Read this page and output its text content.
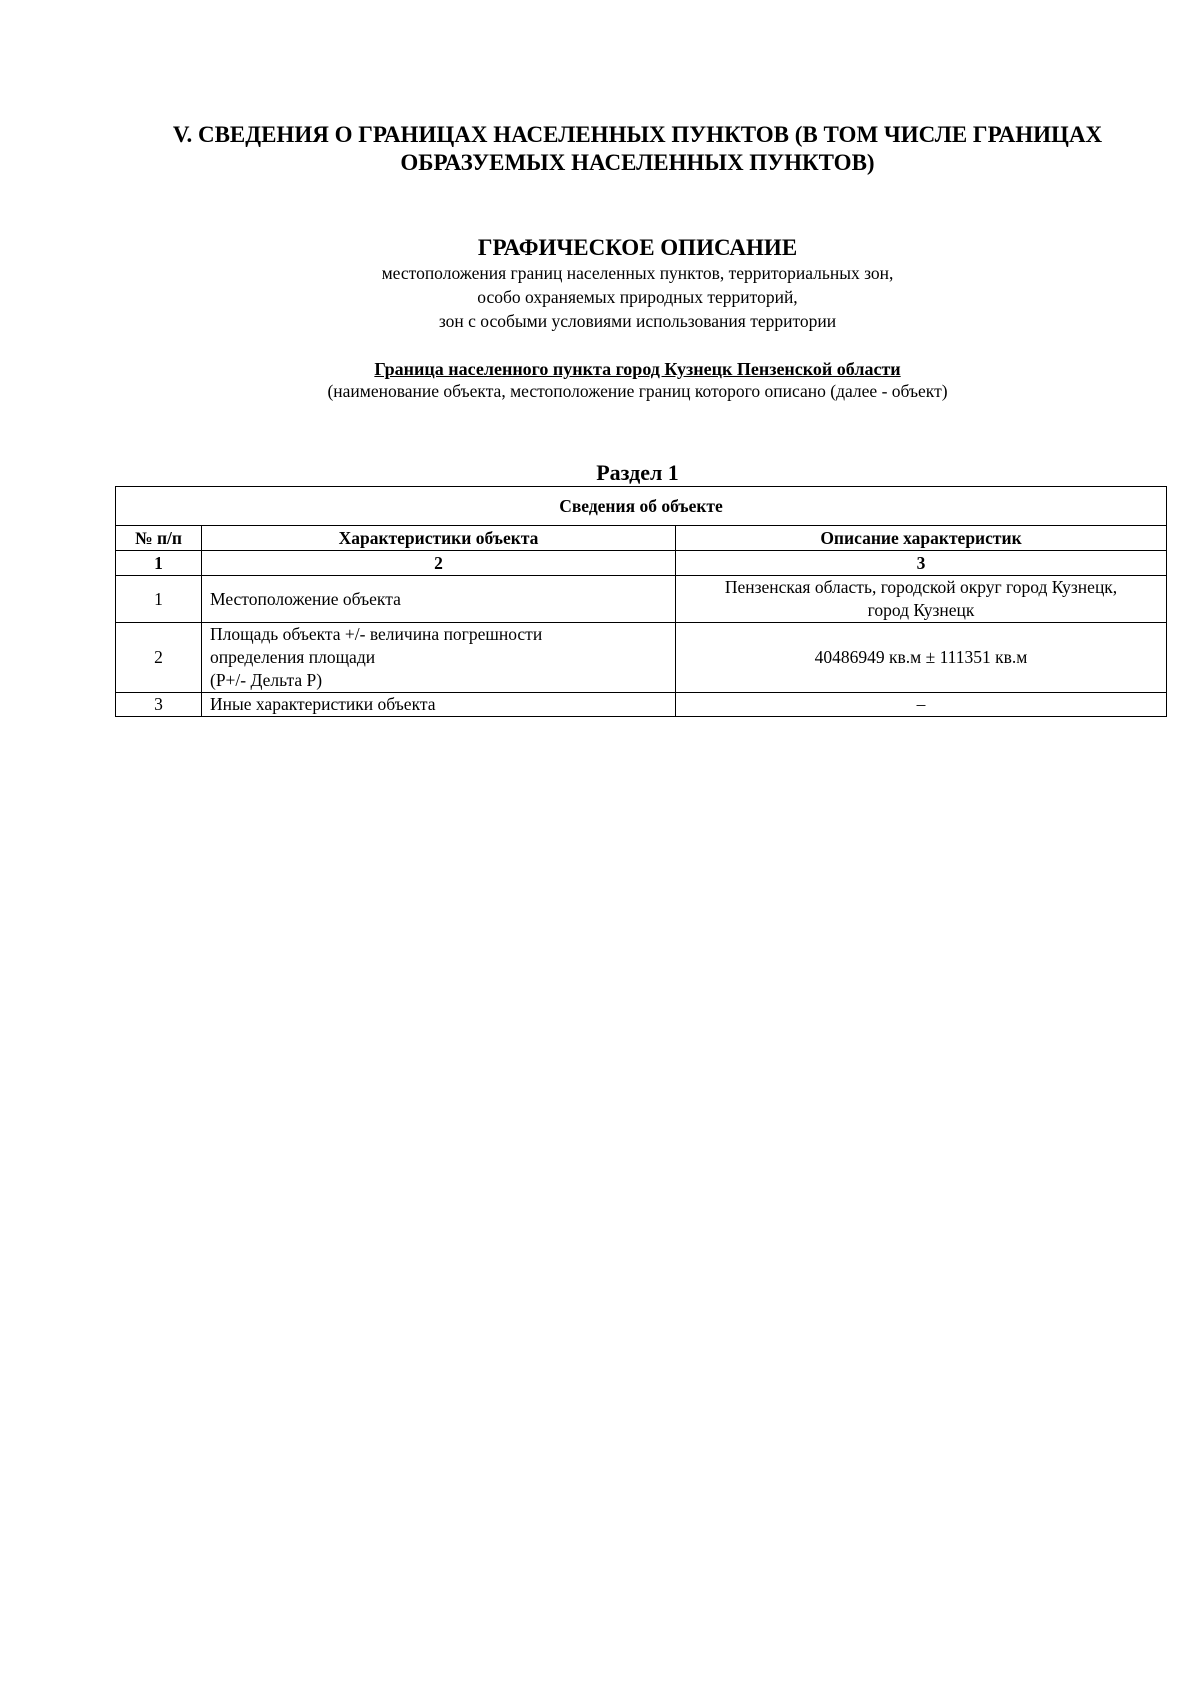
V. СВЕДЕНИЯ О ГРАНИЦАХ НАСЕЛЕННЫХ ПУНКТОВ (В ТОМ ЧИСЛЕ ГРАНИЦАХ
ОБРАЗУЕМЫХ НАСЕЛЕННЫХ ПУНКТОВ)
ГРАФИЧЕСКОЕ ОПИСАНИЕ
местоположения границ населенных пунктов, территориальных зон,
особо охраняемых природных территорий,
зон с особыми условиями использования территории
Граница населенного пункта город Кузнецк Пензенской области
(наименование объекта, местоположение границ которого описано (далее - объект)
Раздел 1
Сведения об объекте		
№ п/п	Характеристики объекта	Описание характеристик
1	2	3
1	Местоположение объекта	Пензенская область, городской округ город Кузнецк,
город Кузнецк

2	Площадь объекта +/- величина погрешности
определения площади
(P+/- Дельта P)	40486949 кв.м ± 111351 кв.м

3	Иные характеристики объекта	–
